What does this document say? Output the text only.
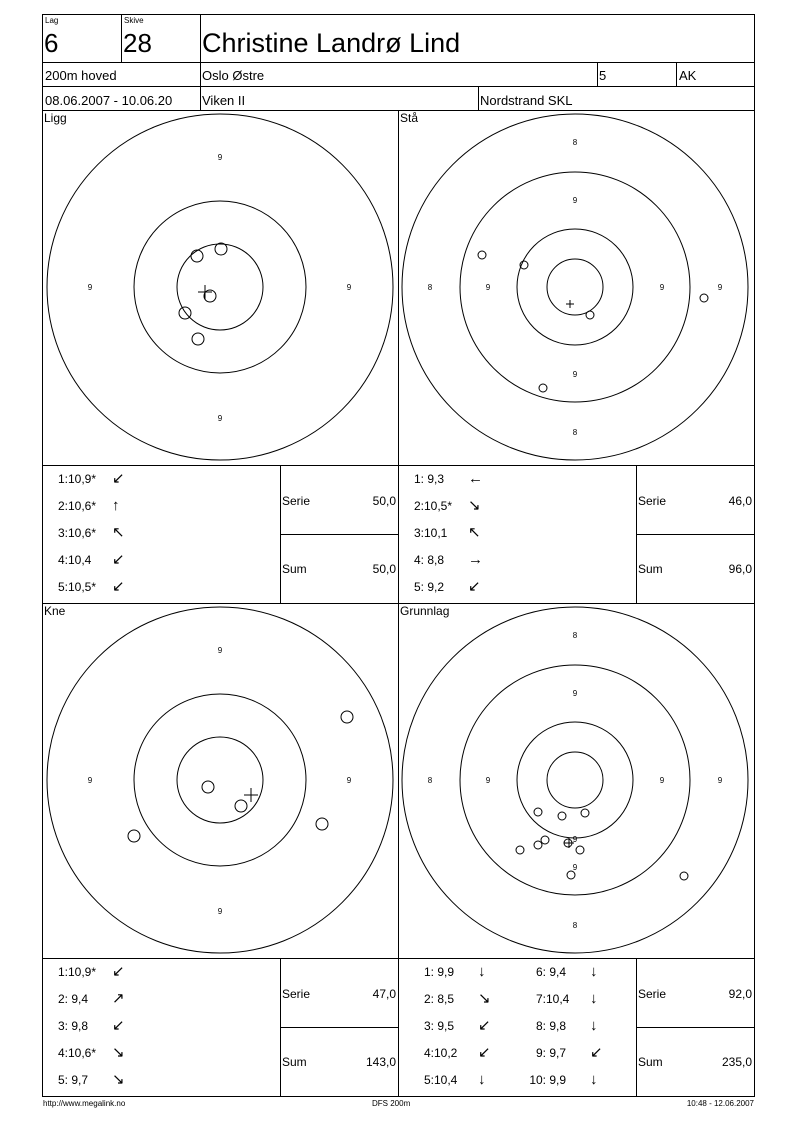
Lag
6
Skive
28 Christine Landrø Lind
200m hoved	Oslo Østre	5	AK
08.06.2007 - 10.06.20	Viken II	Nordstrand SKL
9
9	9
9
8
9
9
8	9	9
8
9
9
9	9
9
8
9
9
8	9	9
8
9
9
Ligg	Stå
Kne	Grunnlag
1:10,9* ↙
2:10,6* ↑
3:10,6* ↖
4:10,4 ↙
5:10,5* ↙
Serie	50,0
Sum	50,0
1: 9,3 ←
2:10,5* ↘
3:10,1 ↖
4: 8,8 →
5: 9,2 ↙
Serie	46,0
Sum	96,0
1:10,9* ↙
2: 9,4 ↗
3: 9,8 ↙
4:10,6* ↘
5: 9,7 ↘
Serie	47,0
Sum	143,0
1: 9,9 ↓
2: 8,5 ↘
3: 9,5 ↙
4:10,2 ↙
5:10,4 ↓
6: 9,4 ↓
7:10,4 ↓
8: 9,8 ↓
9: 9,7 ↙
10: 9,9 ↓
Serie	92,0
Sum	235,0
http://www.megalink.no	DFS 200m	10:48 - 12.06.2007
